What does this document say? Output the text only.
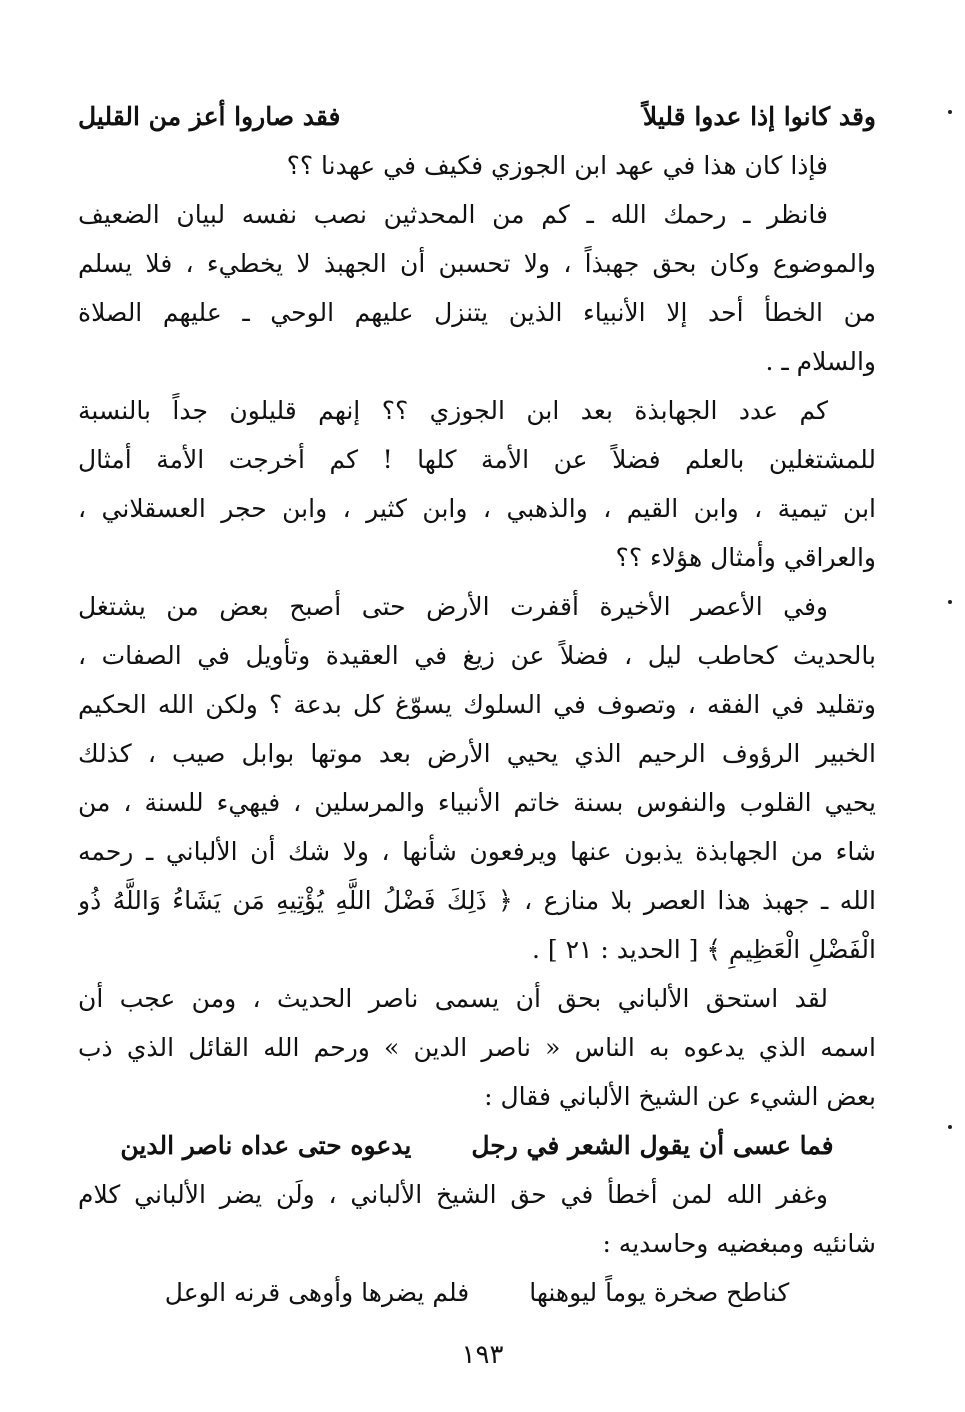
وقد كانوا إذا عدوا قليلاً
فقد صاروا أعز من القليل
فإذا كان هذا في عهد ابن الجوزي فكيف في عهدنا ؟؟
فانظر ـ رحمك الله ـ كم من المحدثين نصب نفسه لبيان الضعيف
والموضوع وكان بحق جهبذاً ، ولا تحسبن أن الجهبذ لا يخطيء ، فلا يسلم
من الخطأ أحد إلا الأنبياء الذين يتنزل عليهم الوحي ـ عليهم الصلاة
والسلام ـ .
كم عدد الجهابذة بعد ابن الجوزي ؟؟ إنهم قليلون جداً بالنسبة
للمشتغلين بالعلم فضلاً عن الأمة كلها ! كم أخرجت الأمة أمثال
ابن تيمية ، وابن القيم ، والذهبي ، وابن كثير ، وابن حجر العسقلاني ،
والعراقي وأمثال هؤلاء ؟؟
وفي الأعصر الأخيرة أقفرت الأرض حتى أصبح بعض من يشتغل
بالحديث كحاطب ليل ، فضلاً عن زيغ في العقيدة وتأويل في الصفات ،
وتقليد في الفقه ، وتصوف في السلوك يسوّغ كل بدعة ؟ ولكن الله الحكيم
الخبير الرؤوف الرحيم الذي يحيي الأرض بعد موتها بوابل صيب ، كذلك
يحيي القلوب والنفوس بسنة خاتم الأنبياء والمرسلين ، فيهيء للسنة ، من
شاء من الجهابذة يذبون عنها ويرفعون شأنها ، ولا شك أن الألباني ـ رحمه
الله ـ جهبذ هذا العصر بلا منازع ، ﴿ ذَلِكَ فَضْلُ اللَّهِ يُؤْتِيهِ مَن يَشَاءُ وَاللَّهُ ذُو
الْفَضْلِ الْعَظِيمِ ﴾ [ الحديد : ٢١ ] .
لقد استحق الألباني بحق أن يسمى ناصر الحديث ، ومن عجب أن
اسمه الذي يدعوه به الناس « ناصر الدين » ورحم الله القائل الذي ذب
بعض الشيء عن الشيخ الألباني فقال :
فما عسى أن يقول الشعر في رجل
يدعوه حتى عداه ناصر الدين
وغفر الله لمن أخطأ في حق الشيخ الألباني ، ولَن يضر الألباني كلام
شانئيه ومبغضيه وحاسديه :
كناطح صخرة يوماً ليوهنها
فلم يضرها وأوهى قرنه الوعل
١٩٣
